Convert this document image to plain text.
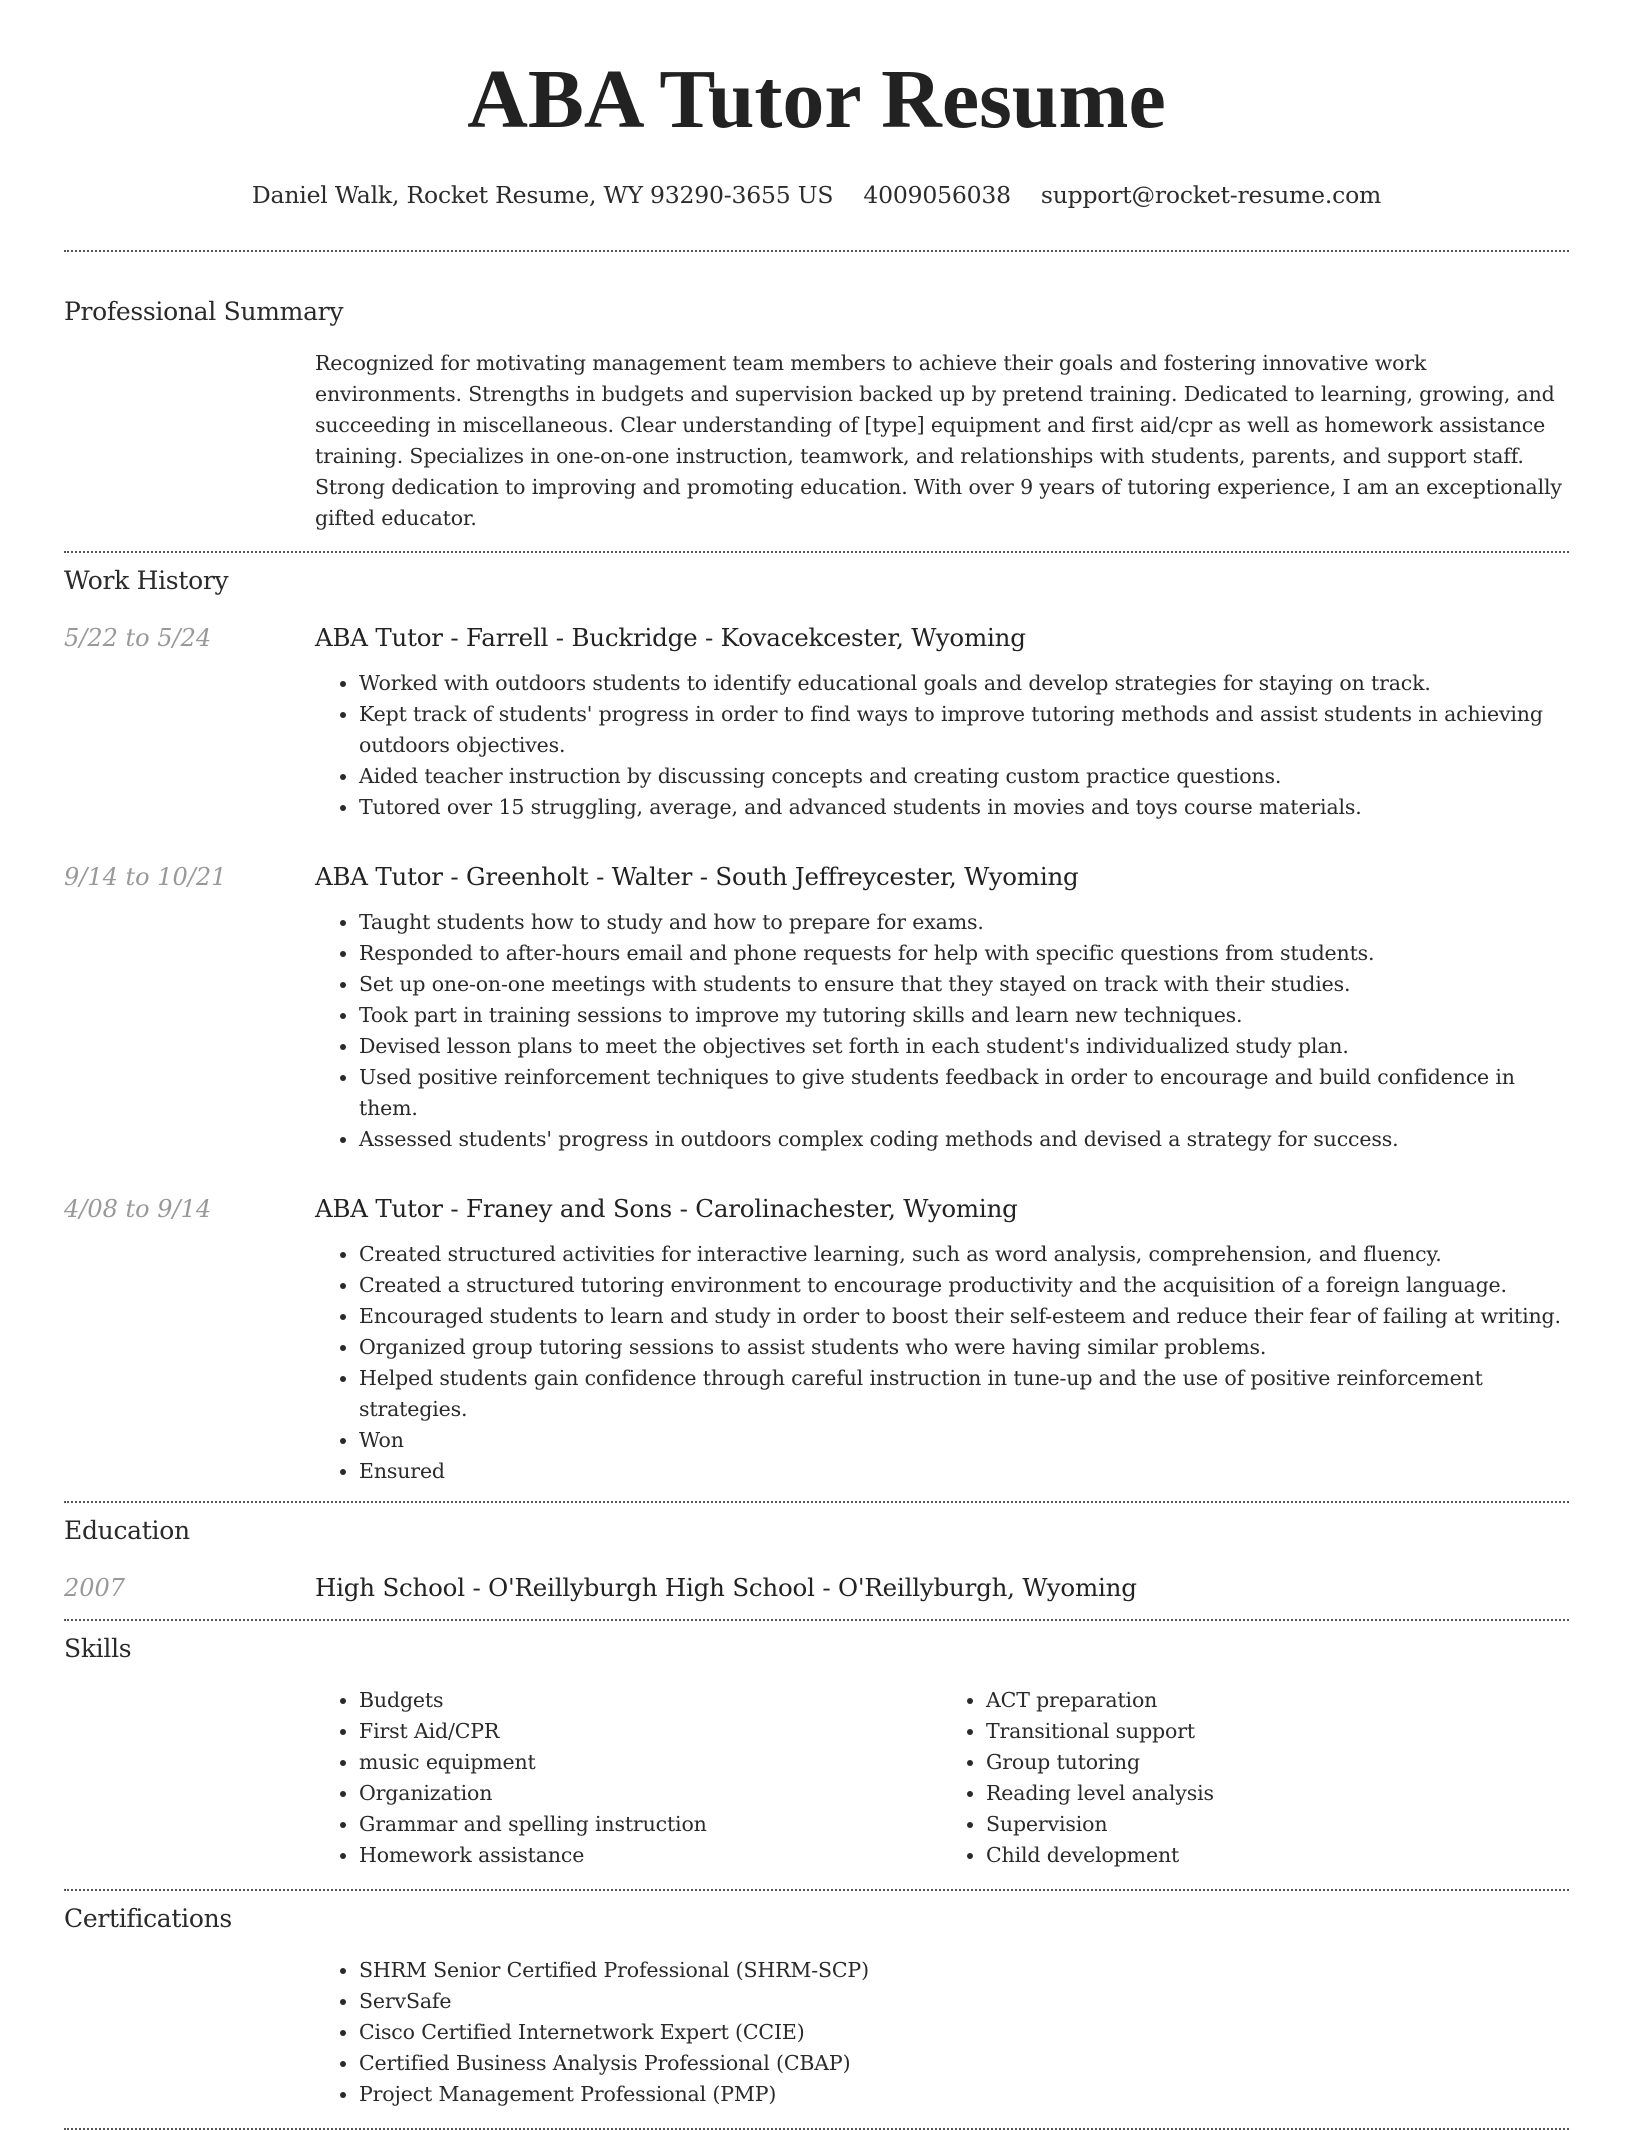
ABA Tutor Resume
Daniel Walk, Rocket Resume, WY 93290-3655 US 4009056038 support@rocket-resume.com
Professional Summary

Recognized for motivating management team members to achieve their goals and fostering innovative work environments. Strengths in budgets and supervision backed up by pretend training. Dedicated to learning, growing, and succeeding in miscellaneous. Clear understanding of [type] equipment and first aid/cpr as well as homework assistance training. Specializes in one-on-one instruction, teamwork, and relationships with students, parents, and support staff. Strong dedication to improving and promoting education. With over 9 years of tutoring experience, I am an exceptionally gifted educator.

Work History
5/22 to 5/24	ABA Tutor - Farrell - Buckridge - Kovacekcester, Wyoming
• Worked with outdoors students to identify educational goals and develop strategies for staying on track.
• Kept track of students' progress in order to find ways to improve tutoring methods and assist students in achieving outdoors objectives.
• Aided teacher instruction by discussing concepts and creating custom practice questions.
• Tutored over 15 struggling, average, and advanced students in movies and toys course materials.
9/14 to 10/21	ABA Tutor - Greenholt - Walter - South Jeffreycester, Wyoming
• Taught students how to study and how to prepare for exams.
• Responded to after-hours email and phone requests for help with specific questions from students.
• Set up one-on-one meetings with students to ensure that they stayed on track with their studies.
• Took part in training sessions to improve my tutoring skills and learn new techniques.
• Devised lesson plans to meet the objectives set forth in each student's individualized study plan.
• Used positive reinforcement techniques to give students feedback in order to encourage and build confidence in them.
• Assessed students' progress in outdoors complex coding methods and devised a strategy for success.
4/08 to 9/14	ABA Tutor - Franey and Sons - Carolinachester, Wyoming
• Created structured activities for interactive learning, such as word analysis, comprehension, and fluency.
• Created a structured tutoring environment to encourage productivity and the acquisition of a foreign language.
• Encouraged students to learn and study in order to boost their self-esteem and reduce their fear of failing at writing.
• Organized group tutoring sessions to assist students who were having similar problems.
• Helped students gain confidence through careful instruction in tune-up and the use of positive reinforcement strategies.
• Won
• Ensured
Education
2007	High School - O'Reillyburgh High School - O'Reillyburgh, Wyoming
Skills
• Budgets
• First Aid/CPR
• music equipment
• Organization
• Grammar and spelling instruction
• Homework assistance
• ACT preparation
• Transitional support
• Group tutoring
• Reading level analysis
• Supervision
• Child development
Certifications
• SHRM Senior Certified Professional (SHRM-SCP)
• ServSafe
• Cisco Certified Internetwork Expert (CCIE)
• Certified Business Analysis Professional (CBAP)
• Project Management Professional (PMP)
